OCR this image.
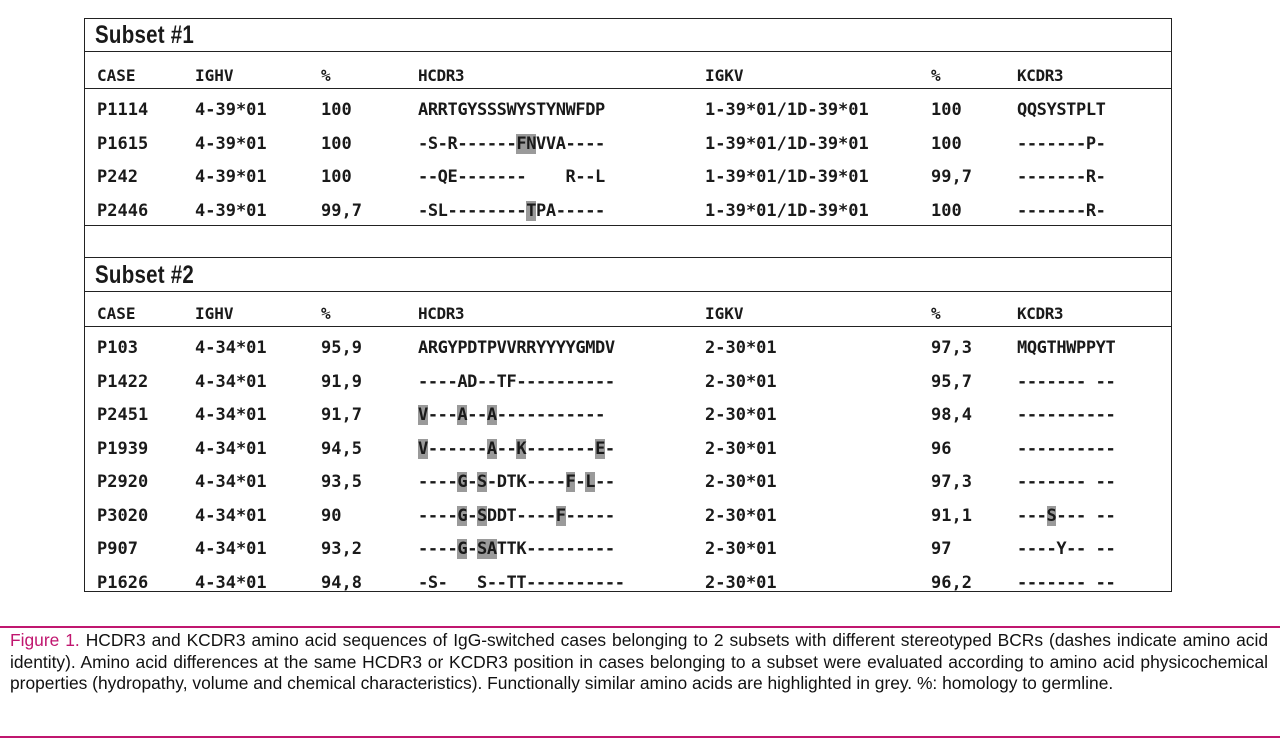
Subset #1
CASE	IGHV	%	HCDR3	IGKV	%	KCDR3
P1114	4-39*01	100	ARRTGYSSSWYSTYNWFDP	1-39*01/1D-39*01	100	QQSYSTPLT
P1615	4-39*01	100	-S-R------FNVVA----	1-39*01/1D-39*01	100	-------P-
P242	4-39*01	100	--QE-------    R--L	1-39*01/1D-39*01	99,7	-------R-
P2446	4-39*01	99,7	-SL--------TPA-----	1-39*01/1D-39*01	100	-------R-
Subset #2
CASE	IGHV	%	HCDR3	IGKV	%	KCDR3
P103	4-34*01	95,9	ARGYPDTPVVRRYYYYGMDV	2-30*01	97,3	MQGTHWPPYT
P1422	4-34*01	91,9	----AD--TF----------	2-30*01	95,7	------- --
P2451	4-34*01	91,7	V---A--A-----------	2-30*01	98,4	----------
P1939	4-34*01	94,5	V------A--K-------E-	2-30*01	96	----------
P2920	4-34*01	93,5	----G-S-DTK----F-L--	2-30*01	97,3	------- --
P3020	4-34*01	90	----G-SDDT----F-----	2-30*01	91,1	---S--- --
P907	4-34*01	93,2	----G-SATTK---------	2-30*01	97	----Y-- --
P1626	4-34*01	94,8	-S-   S--TT----------	2-30*01	96,2	------- --
Figure 1. HCDR3 and KCDR3 amino acid sequences of IgG-switched cases belonging to 2 subsets with different stereotyped BCRs (dashes indicate amino acid identity). Amino acid differences at the same HCDR3 or KCDR3 position in cases belonging to a subset were evaluated according to amino acid physicochemical properties (hydropathy, volume and chemical characteristics). Functionally similar amino acids are highlighted in grey. %: homology to germline.
